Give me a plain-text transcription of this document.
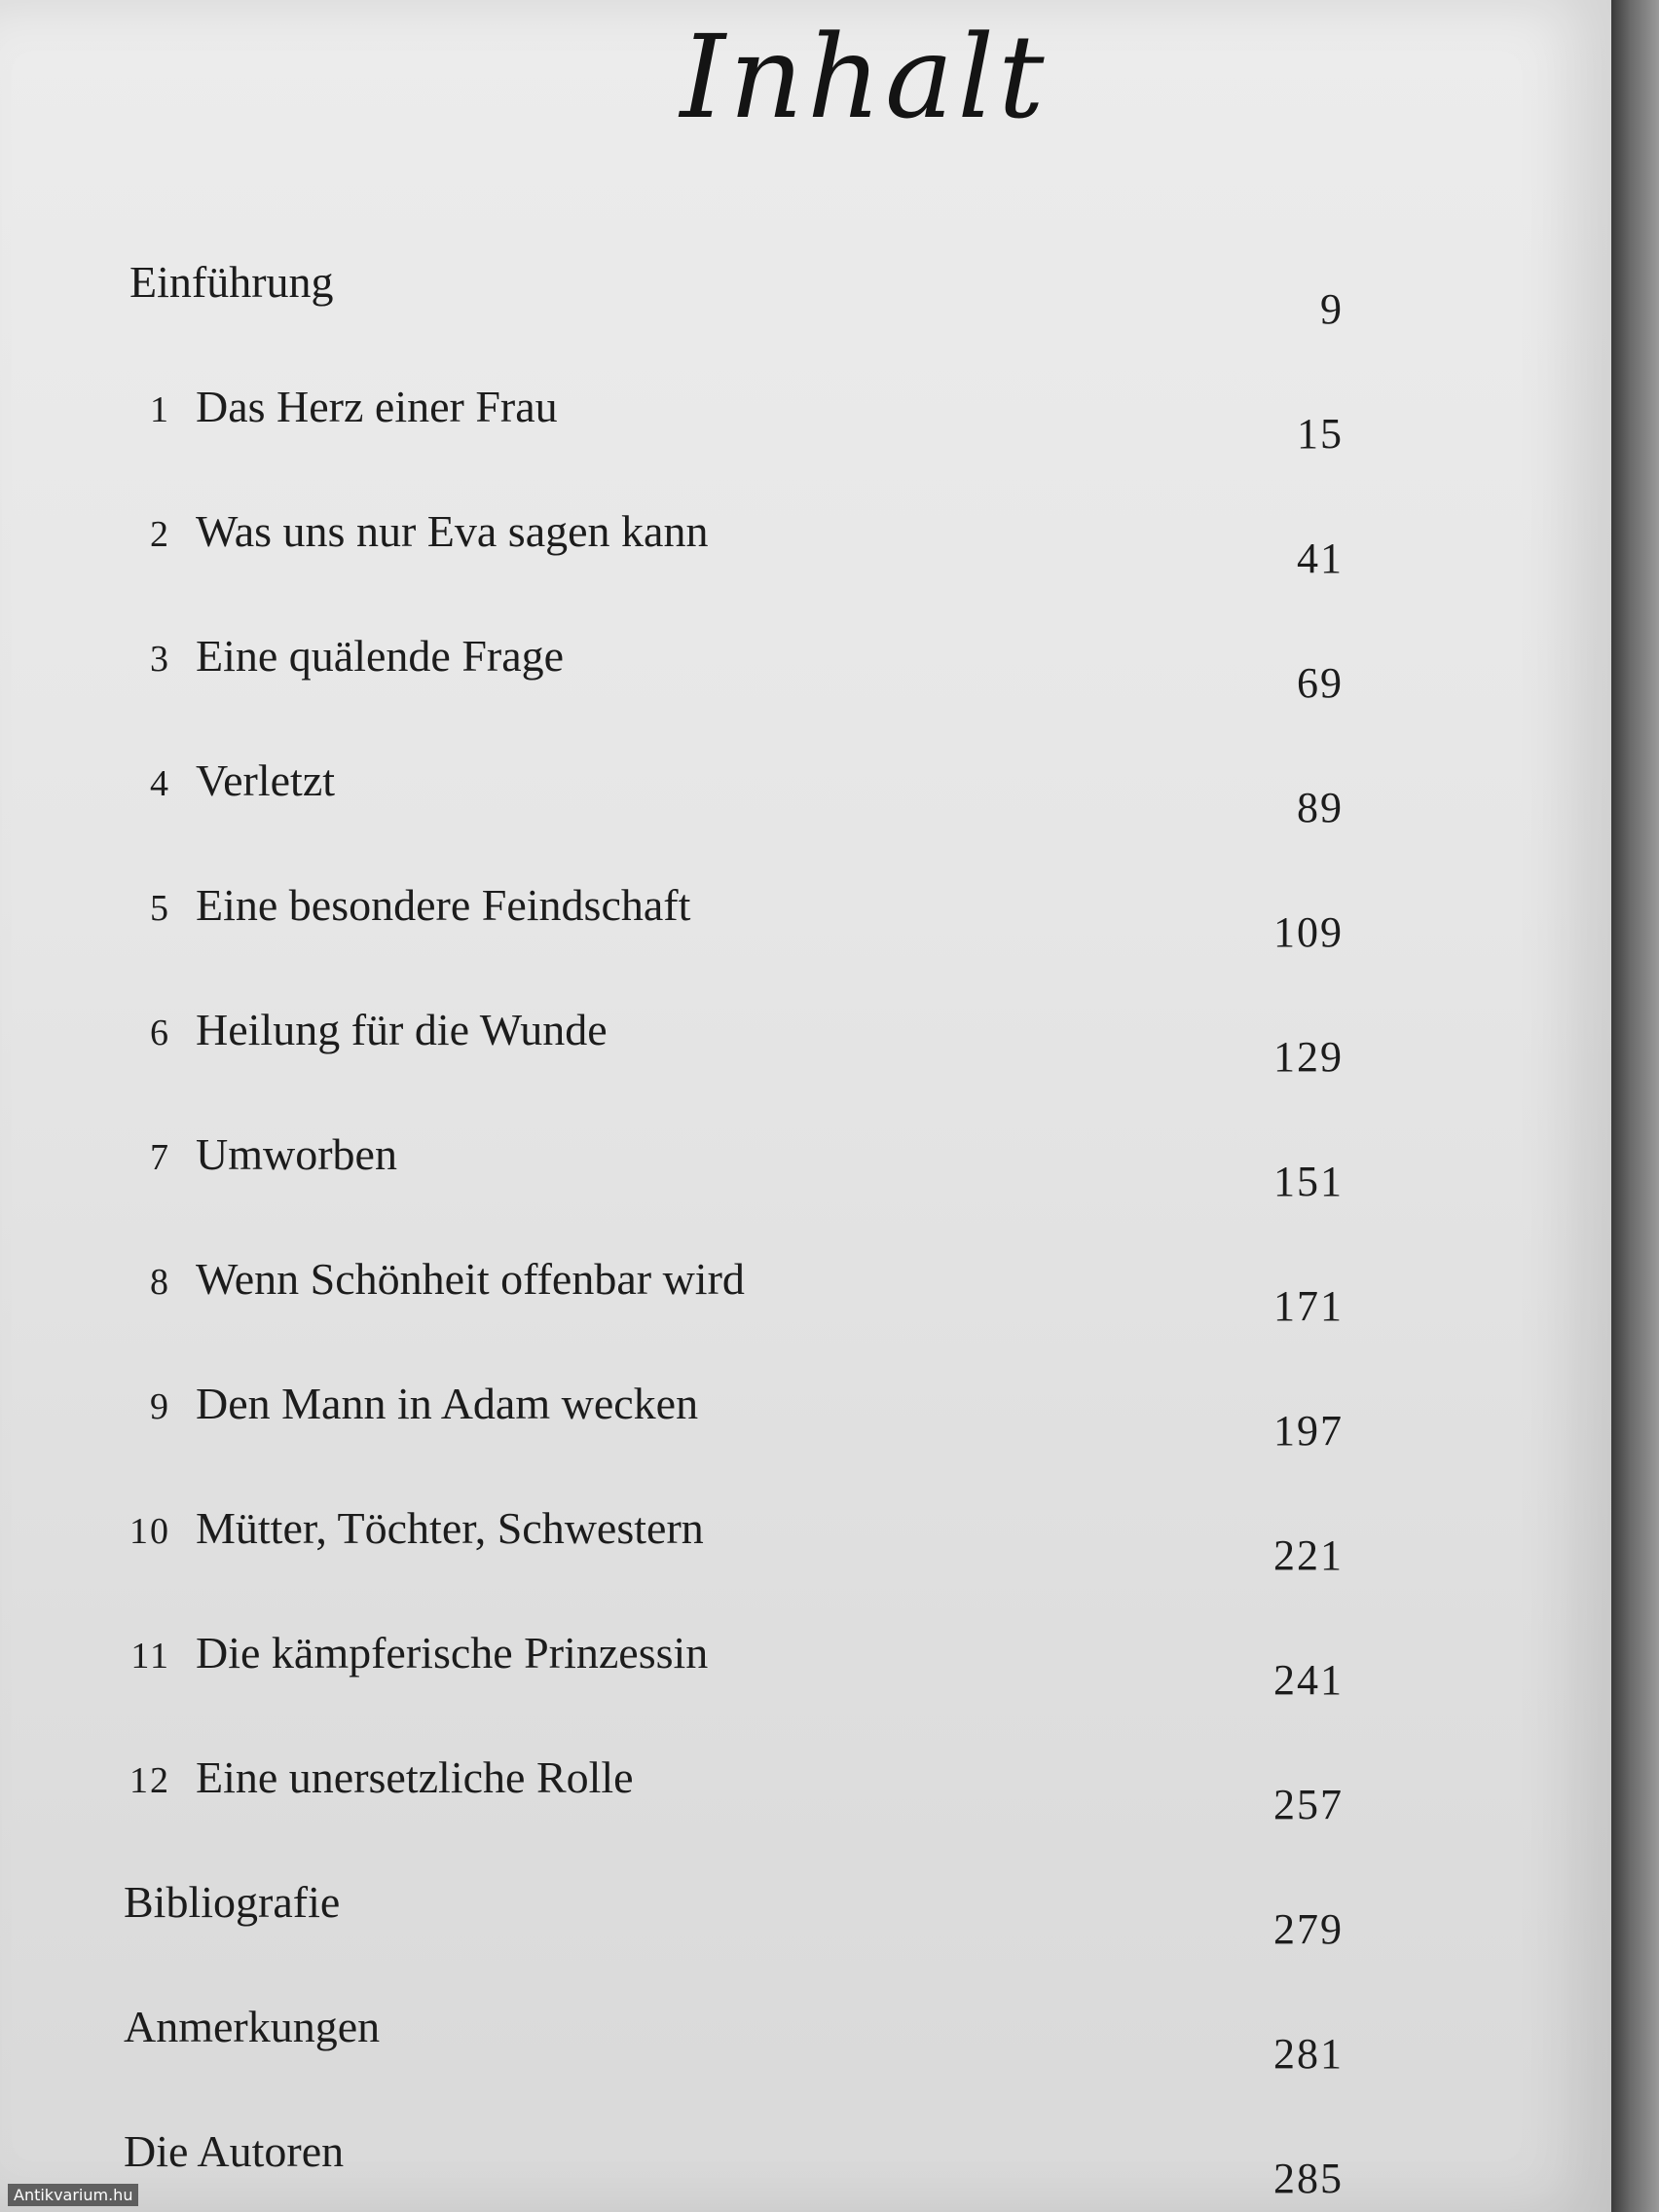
Inhalt
Einführung
9
1 Das Herz einer Frau
15
2 Was uns nur Eva sagen kann
41
3 Eine quälende Frage
69
4 Verletzt
89
5 Eine besondere Feindschaft
109
6 Heilung für die Wunde
129
7 Umworben
151
8 Wenn Schönheit offenbar wird
171
9 Den Mann in Adam wecken
197
10 Mütter, Töchter, Schwestern
221
11 Die kämpferische Prinzessin
241
12 Eine unersetzliche Rolle
257
Bibliografie
279
Anmerkungen
281
Die Autoren
285
Antikvarium.hu
